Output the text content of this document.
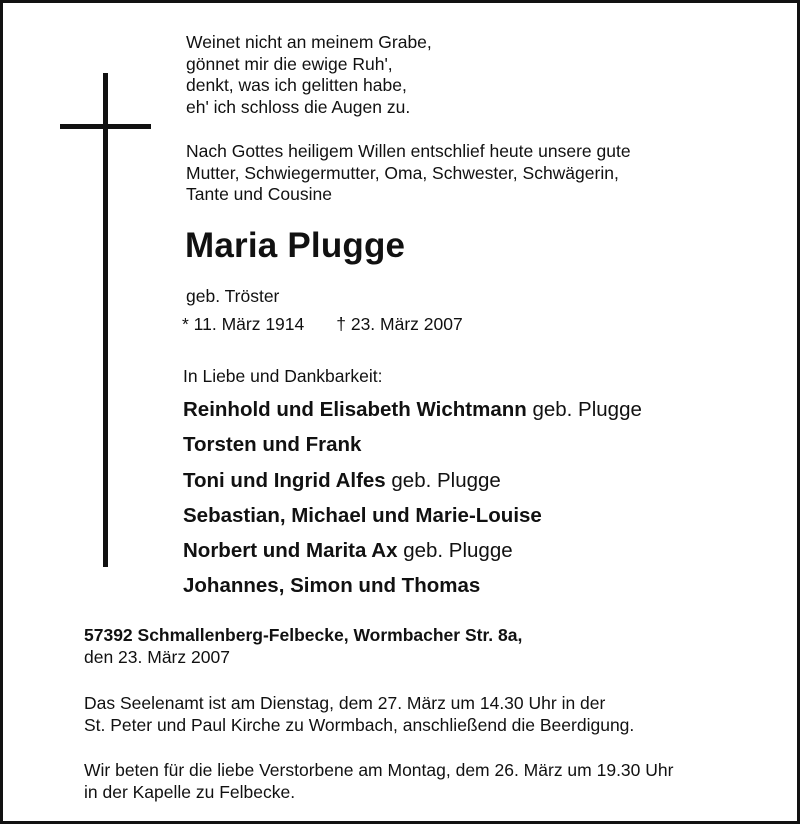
Weinet nicht an meinem Grabe,
gönnet mir die ewige Ruh',
denkt, was ich gelitten habe,
eh' ich schloss die Augen zu.
Nach Gottes heiligem Willen entschlief heute unsere gute
Mutter, Schwiegermutter, Oma, Schwester, Schwägerin,
Tante und Cousine
Maria Plugge
geb. Tröster
* 11. März 1914 † 23. März 2007
In Liebe und Dankbarkeit:
Reinhold und Elisabeth Wichtmann geb. Plugge
Torsten und Frank
Toni und Ingrid Alfes geb. Plugge
Sebastian, Michael und Marie-Louise
Norbert und Marita Ax geb. Plugge
Johannes, Simon und Thomas
57392 Schmallenberg-Felbecke, Wormbacher Str. 8a,
den 23. März 2007
Das Seelenamt ist am Dienstag, dem 27. März um 14.30 Uhr in der
St. Peter und Paul Kirche zu Wormbach, anschließend die Beerdigung.
Wir beten für die liebe Verstorbene am Montag, dem 26. März um 19.30 Uhr
in der Kapelle zu Felbecke.
